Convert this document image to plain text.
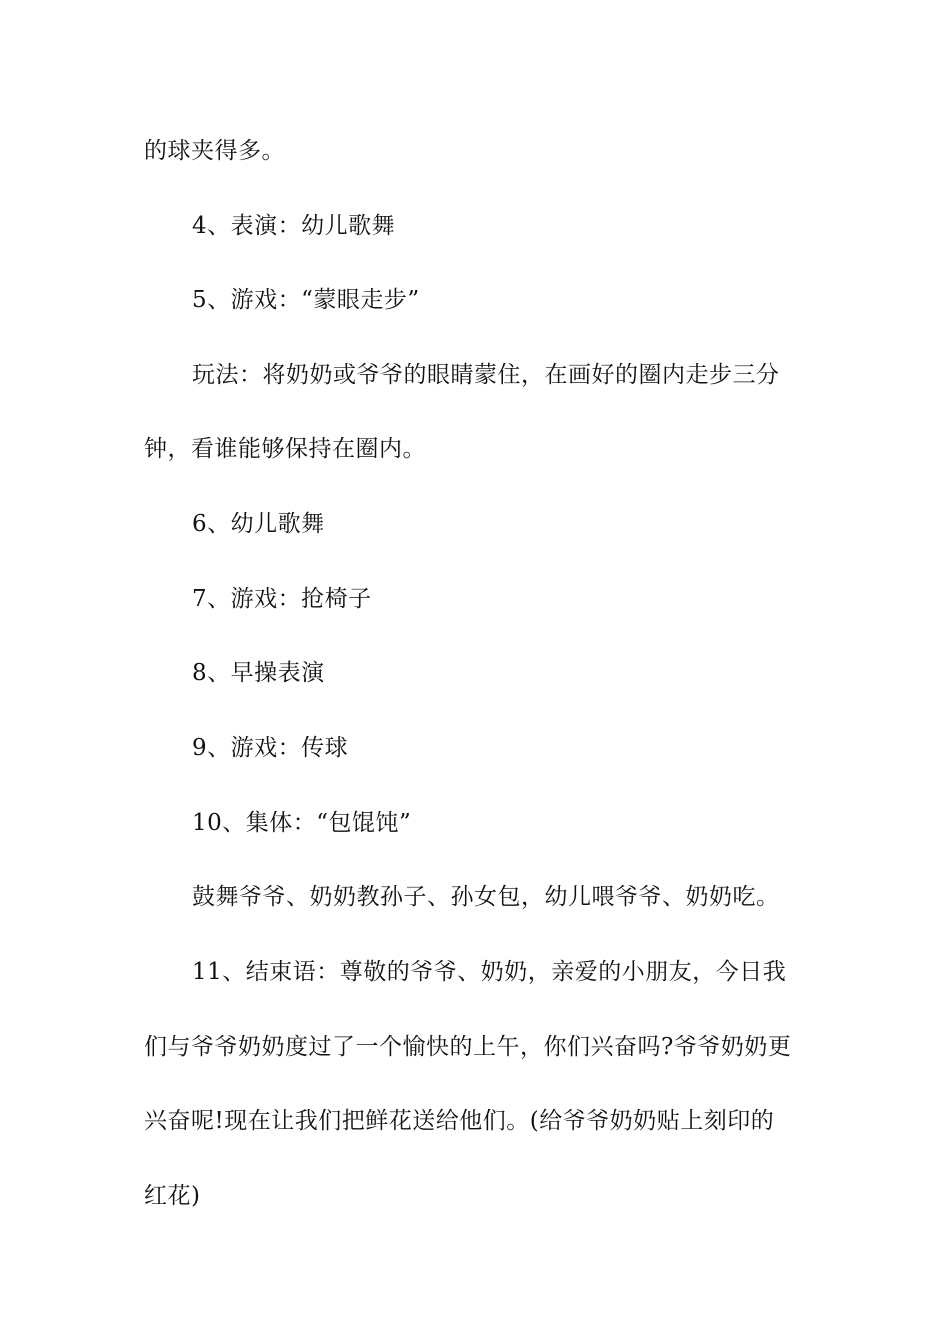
的球夹得多。
4、表演：幼儿歌舞
5、游戏：“蒙眼走步”
玩法：将奶奶或爷爷的眼睛蒙住，在画好的圈内走步三分
钟，看谁能够保持在圈内。
6、幼儿歌舞
7、游戏：抢椅子
8、早操表演
9、游戏：传球
10、集体：“包馄饨”
鼓舞爷爷、奶奶教孙子、孙女包，幼儿喂爷爷、奶奶吃。
11、结束语：尊敬的爷爷、奶奶，亲爱的小朋友，今日我
们与爷爷奶奶度过了一个愉快的上午，你们兴奋吗?爷爷奶奶更
兴奋呢!现在让我们把鲜花送给他们。(给爷爷奶奶贴上刻印的
红花)
